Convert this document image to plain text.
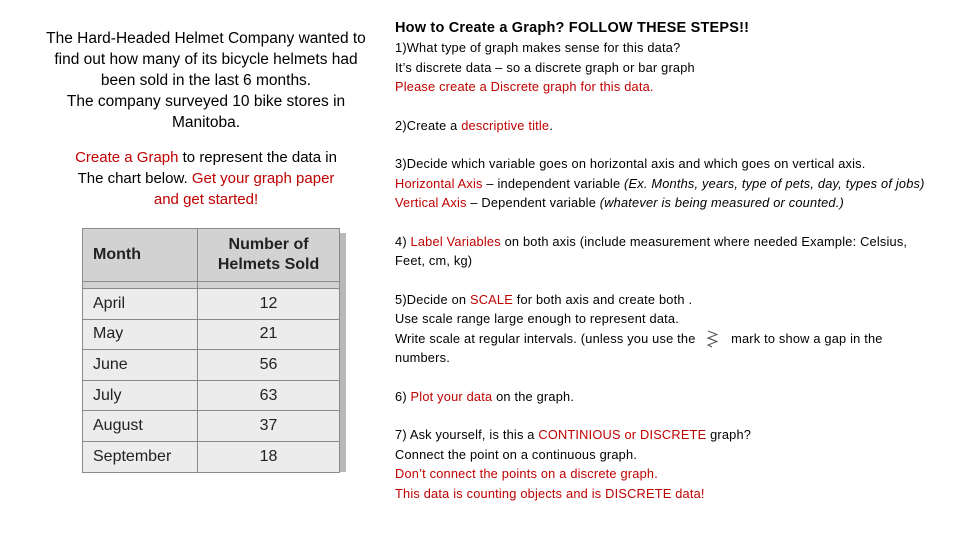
The Hard-Headed Helmet Company wanted to
find out how many of its bicycle helmets had
been sold in the last 6 months.
The company surveyed 10 bike stores in
Manitoba.
Create a Graph to represent the data in
The chart below. Get your graph paper
and get started!
Month	Number of
Helmets Sold

April	12
May	21
June	56
July	63
August	37
September	18

How to Create a Graph? FOLLOW THESE STEPS!!

1)What type of graph makes sense for this data?
It’s discrete data – so a discrete graph or bar graph
Please create a Discrete graph for this data.

2)Create a descriptive title.

3)Decide which variable goes on horizontal axis and which goes on vertical axis.
Horizontal Axis – independent variable (Ex. Months, years, type of pets, day, types of jobs)
Vertical Axis – Dependent variable (whatever is being measured or counted.)

4) Label Variables on both axis (include measurement where needed Example: Celsius, Feet, cm, kg)

5)Decide on SCALE for both axis and create both .
Use scale range large enough to represent data.
Write scale at regular intervals. (unless you use the	mark to show a gap in the
numbers.

6) Plot your data on the graph.

7) Ask yourself, is this a CONTINIOUS or DISCRETE graph?
Connect the point on a continuous graph.
Don’t connect the points on a discrete graph.
This data is counting objects and is DISCRETE data!
